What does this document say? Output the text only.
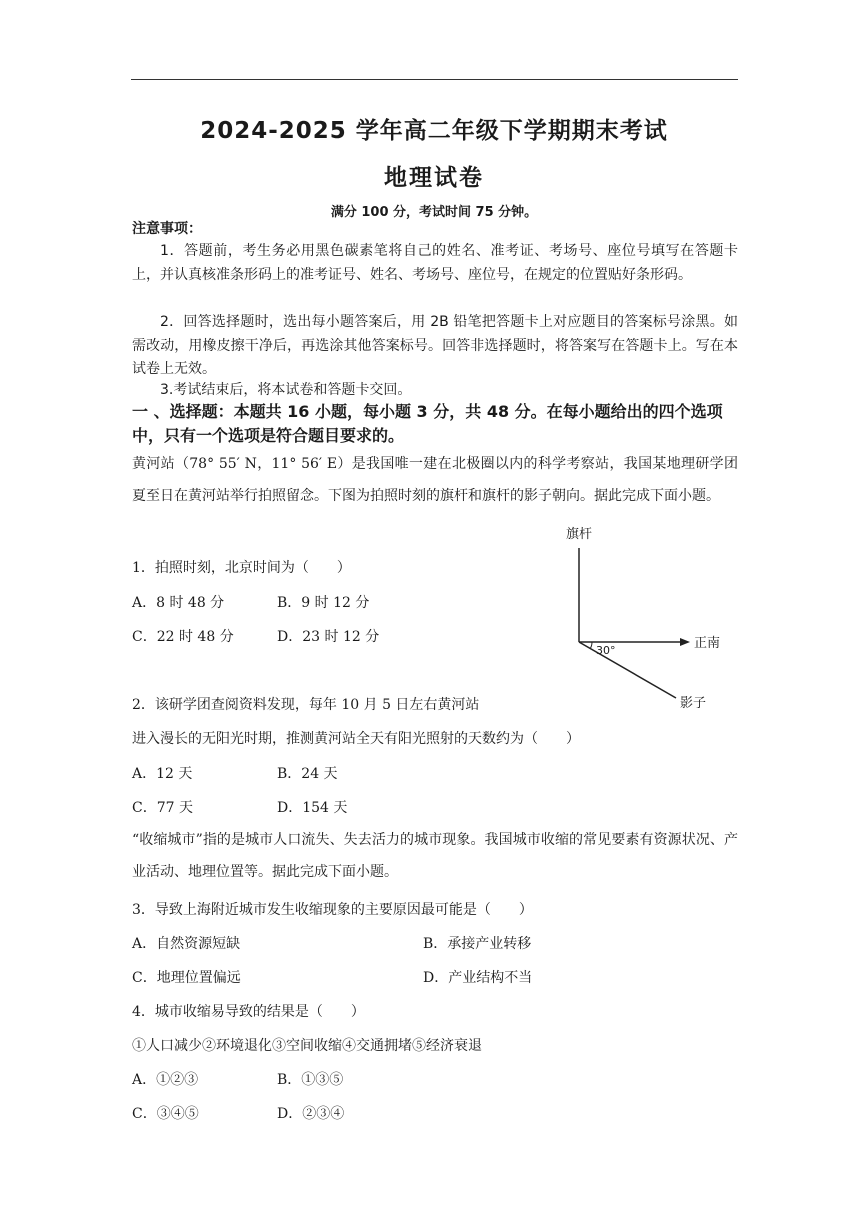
2024-2025 学年高二年级下学期期末考试
地理试卷
满分 100 分，考试时间 75 分钟。
注意事项：
1．答题前，考生务必用黑色碳素笔将自己的姓名、准考证、考场号、座位号填写在答题卡上，并认真核准条形码上的准考证号、姓名、考场号、座位号，在规定的位置贴好条形码。
2．回答选择题时，选出每小题答案后，用 2B 铅笔把答题卡上对应题目的答案标号涂黑。如需改动，用橡皮擦干净后，再选涂其他答案标号。回答非选择题时，将答案写在答题卡上。写在本试卷上无效。
3.考试结束后，将本试卷和答题卡交回。
一 、选择题：本题共 16 小题，每小题 3 分，共 48 分。在每小题给出的四个选项中，只有一个选项是符合题目要求的。
黄河站（78° 55′ N，11° 56′ E）是我国唯一建在北极圈以内的科学考察站，我国某地理研学团夏至日在黄河站举行拍照留念。下图为拍照时刻的旗杆和旗杆的影子朝向。据此完成下面小题。
1．拍照时刻，北京时间为（　　）
A．8 时 48 分	B．9 时 12 分
C．22 时 48 分	D．23 时 12 分
旗杆
正南
30°
影子
2．该研学团查阅资料发现，每年 10 月 5 日左右黄河站
进入漫长的无阳光时期，推测黄河站全天有阳光照射的天数约为（　　）
A．12 天	B．24 天
C．77 天	D．154 天
“收缩城市”指的是城市人口流失、失去活力的城市现象。我国城市收缩的常见要素有资源状况、产业活动、地理位置等。据此完成下面小题。
3．导致上海附近城市发生收缩现象的主要原因最可能是（　　）
A．自然资源短缺	B．承接产业转移
C．地理位置偏远	D．产业结构不当
4．城市收缩易导致的结果是（　　）
①人口减少②环境退化③空间收缩④交通拥堵⑤经济衰退
A．①②③	B．①③⑤
C．③④⑤	D．②③④
